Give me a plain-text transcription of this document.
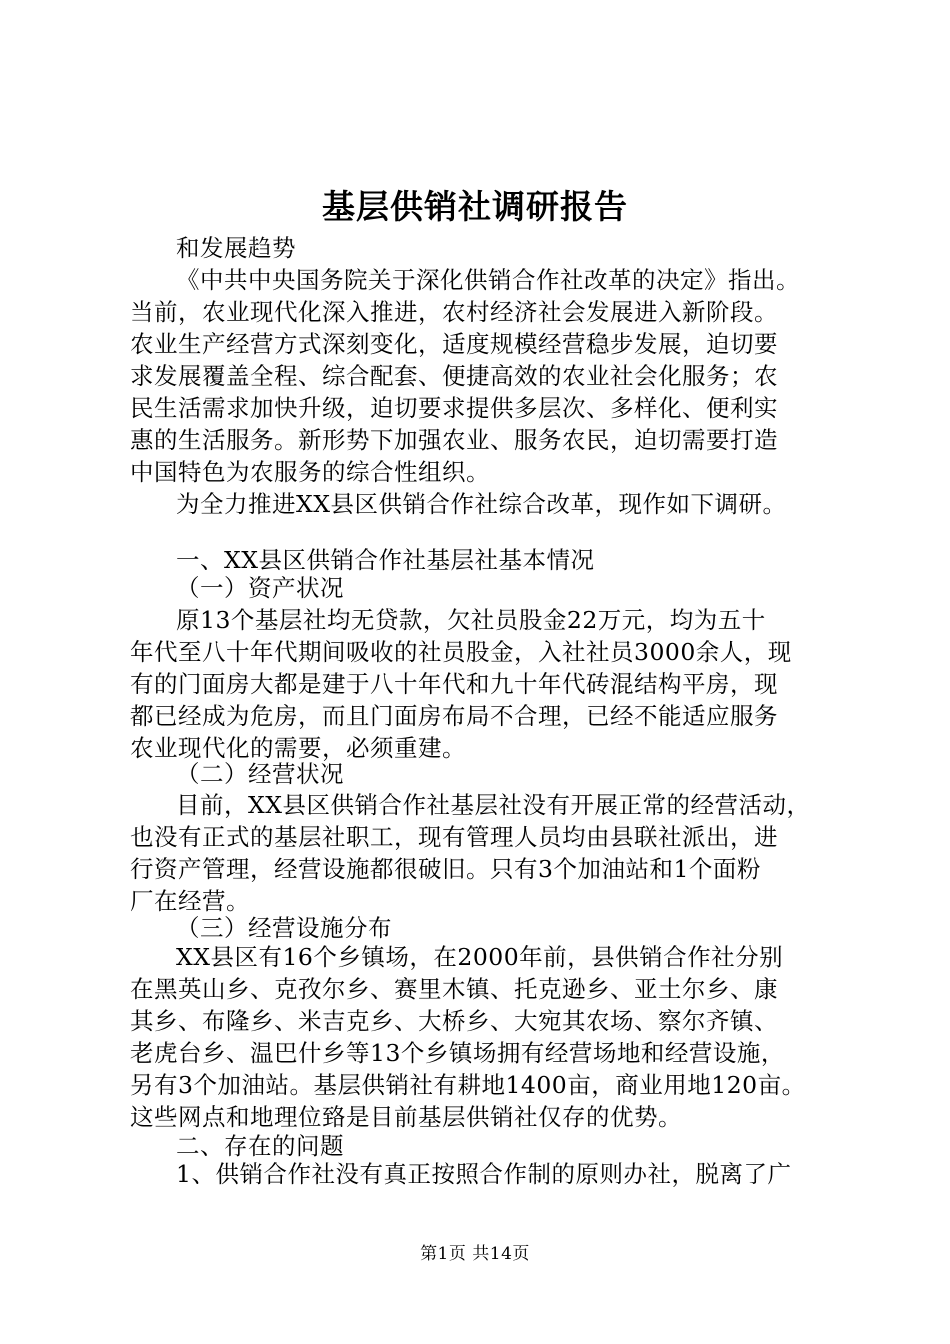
基层供销社调研报告
和发展趋势
《中共中央国务院关于深化供销合作社改革的决定》指出。
当前，农业现代化深入推进，农村经济社会发展进入新阶段。
农业生产经营方式深刻变化，适度规模经营稳步发展，迫切要
求发展覆盖全程、综合配套、便捷高效的农业社会化服务；农
民生活需求加快升级，迫切要求提供多层次、多样化、便利实
惠的生活服务。新形势下加强农业、服务农民，迫切需要打造
中国特色为农服务的综合性组织。
为全力推进XX县区供销合作社综合改革，现作如下调研。
一、XX县区供销合作社基层社基本情况
（一）资产状况
原13个基层社均无贷款，欠社员股金22万元，均为五十
年代至八十年代期间吸收的社员股金，入社社员3000余人，现
有的门面房大都是建于八十年代和九十年代砖混结构平房，现
都已经成为危房，而且门面房布局不合理，已经不能适应服务
农业现代化的需要，必须重建。
（二）经营状况
目前，XX县区供销合作社基层社没有开展正常的经营活动，
也没有正式的基层社职工，现有管理人员均由县联社派出，进
行资产管理，经营设施都很破旧。只有3个加油站和1个面粉
厂在经营。
（三）经营设施分布
XX县区有16个乡镇场，在2000年前，县供销合作社分别
在黑英山乡、克孜尔乡、赛里木镇、托克逊乡、亚土尔乡、康
其乡、布隆乡、米吉克乡、大桥乡、大宛其农场、察尔齐镇、
老虎台乡、温巴什乡等13个乡镇场拥有经营场地和经营设施，
另有3个加油站。基层供销社有耕地1400亩，商业用地120亩。
这些网点和地理位臵是目前基层供销社仅存的优势。
二、存在的问题
1、供销合作社没有真正按照合作制的原则办社，脱离了广
第1页 共14页
